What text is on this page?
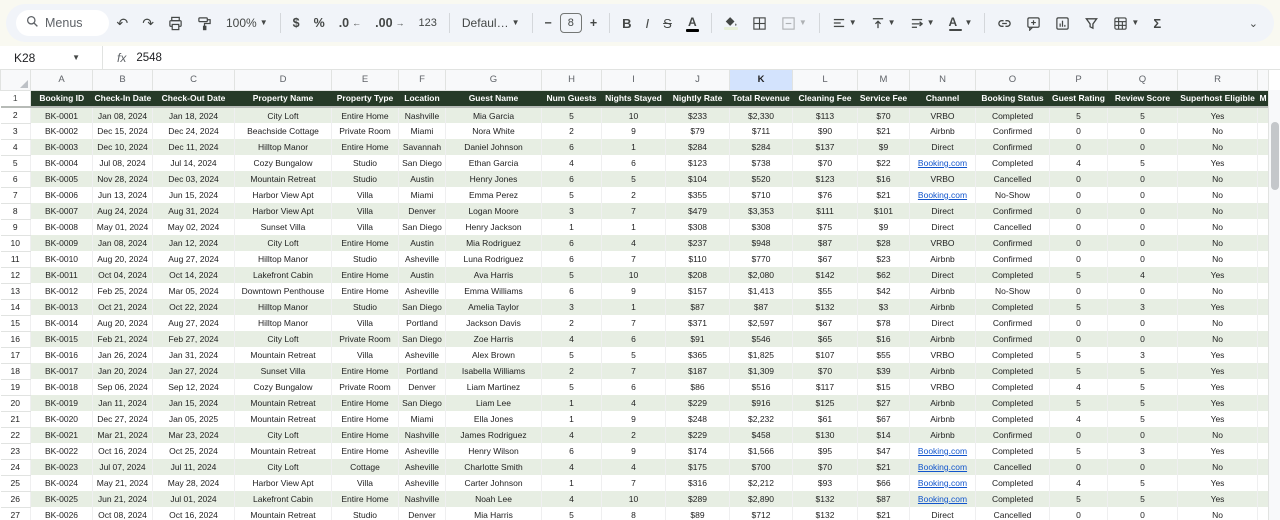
Menus ↶ ↷	100% ▼ $ % .0 ← .00 → 123 Defaul… ▼ − 8 + B I S A	▼	▼	▼	▼ A ▼	▼ Σ	⌄
K28	▼	fx 2548
	A	B	C	D	E	F	G	H	I	J	K	L	M	N	O	P	Q	R	
1	Booking ID	Check-In Date	Check-Out Date	Property Name	Property Type	Location	Guest Name	Num Guests	Nights Stayed	Nightly Rate	Total Revenue	Cleaning Fee	Service Fee	Channel	Booking Status	Guest Rating	Review Score	Superhost Eligible	M
2	BK-0001	Jan 08, 2024	Jan 18, 2024	City Loft	Entire Home	Nashville	Mia Garcia	5	10	$233	$2,330	$113	$70	VRBO	Completed	5	5	Yes	
3	BK-0002	Dec 15, 2024	Dec 24, 2024	Beachside Cottage	Private Room	Miami	Nora White	2	9	$79	$711	$90	$21	Airbnb	Confirmed	0	0	No	
4	BK-0003	Dec 10, 2024	Dec 11, 2024	Hilltop Manor	Entire Home	Savannah	Daniel Johnson	6	1	$284	$284	$137	$9	Direct	Confirmed	0	0	No	
5	BK-0004	Jul 08, 2024	Jul 14, 2024	Cozy Bungalow	Studio	San Diego	Ethan Garcia	4	6	$123	$738	$70	$22	Booking.com	Completed	4	5	Yes	
6	BK-0005	Nov 28, 2024	Dec 03, 2024	Mountain Retreat	Studio	Austin	Henry Jones	6	5	$104	$520	$123	$16	VRBO	Cancelled	0	0	No	
7	BK-0006	Jun 13, 2024	Jun 15, 2024	Harbor View Apt	Villa	Miami	Emma Perez	5	2	$355	$710	$76	$21	Booking.com	No-Show	0	0	No	
8	BK-0007	Aug 24, 2024	Aug 31, 2024	Harbor View Apt	Villa	Denver	Logan Moore	3	7	$479	$3,353	$111	$101	Direct	Confirmed	0	0	No	
9	BK-0008	May 01, 2024	May 02, 2024	Sunset Villa	Villa	San Diego	Henry Jackson	1	1	$308	$308	$75	$9	Direct	Cancelled	0	0	No	
10	BK-0009	Jan 08, 2024	Jan 12, 2024	City Loft	Entire Home	Austin	Mia Rodriguez	6	4	$237	$948	$87	$28	VRBO	Confirmed	0	0	No	
11	BK-0010	Aug 20, 2024	Aug 27, 2024	Hilltop Manor	Studio	Asheville	Luna Rodriguez	6	7	$110	$770	$67	$23	Airbnb	Confirmed	0	0	No	
12	BK-0011	Oct 04, 2024	Oct 14, 2024	Lakefront Cabin	Entire Home	Austin	Ava Harris	5	10	$208	$2,080	$142	$62	Direct	Completed	5	4	Yes	
13	BK-0012	Feb 25, 2024	Mar 05, 2024	Downtown Penthouse	Entire Home	Asheville	Emma Williams	6	9	$157	$1,413	$55	$42	Airbnb	No-Show	0	0	No	
14	BK-0013	Oct 21, 2024	Oct 22, 2024	Hilltop Manor	Studio	San Diego	Amelia Taylor	3	1	$87	$87	$132	$3	Airbnb	Completed	5	3	Yes	
15	BK-0014	Aug 20, 2024	Aug 27, 2024	Hilltop Manor	Villa	Portland	Jackson Davis	2	7	$371	$2,597	$67	$78	Direct	Confirmed	0	0	No	
16	BK-0015	Feb 21, 2024	Feb 27, 2024	City Loft	Private Room	San Diego	Zoe Harris	4	6	$91	$546	$65	$16	Airbnb	Confirmed	0	0	No	
17	BK-0016	Jan 26, 2024	Jan 31, 2024	Mountain Retreat	Villa	Asheville	Alex Brown	5	5	$365	$1,825	$107	$55	VRBO	Completed	5	3	Yes	
18	BK-0017	Jan 20, 2024	Jan 27, 2024	Sunset Villa	Entire Home	Portland	Isabella Williams	2	7	$187	$1,309	$70	$39	Airbnb	Completed	5	5	Yes	
19	BK-0018	Sep 06, 2024	Sep 12, 2024	Cozy Bungalow	Private Room	Denver	Liam Martinez	5	6	$86	$516	$117	$15	VRBO	Completed	4	5	Yes	
20	BK-0019	Jan 11, 2024	Jan 15, 2024	Mountain Retreat	Entire Home	San Diego	Liam Lee	1	4	$229	$916	$125	$27	Airbnb	Completed	5	5	Yes	
21	BK-0020	Dec 27, 2024	Jan 05, 2025	Mountain Retreat	Entire Home	Miami	Ella Jones	1	9	$248	$2,232	$61	$67	Airbnb	Completed	4	5	Yes	
22	BK-0021	Mar 21, 2024	Mar 23, 2024	City Loft	Entire Home	Nashville	James Rodriguez	4	2	$229	$458	$130	$14	Airbnb	Confirmed	0	0	No	
23	BK-0022	Oct 16, 2024	Oct 25, 2024	Mountain Retreat	Entire Home	Asheville	Henry Wilson	6	9	$174	$1,566	$95	$47	Booking.com	Completed	5	3	Yes	
24	BK-0023	Jul 07, 2024	Jul 11, 2024	City Loft	Cottage	Asheville	Charlotte Smith	4	4	$175	$700	$70	$21	Booking.com	Cancelled	0	0	No	
25	BK-0024	May 21, 2024	May 28, 2024	Harbor View Apt	Villa	Asheville	Carter Johnson	1	7	$316	$2,212	$93	$66	Booking.com	Completed	4	5	Yes	
26	BK-0025	Jun 21, 2024	Jul 01, 2024	Lakefront Cabin	Entire Home	Nashville	Noah Lee	4	10	$289	$2,890	$132	$87	Booking.com	Completed	5	5	Yes	
27	BK-0026	Oct 08, 2024	Oct 16, 2024	Mountain Retreat	Studio	Denver	Mia Harris	5	8	$89	$712	$132	$21	Direct	Cancelled	0	0	No	
